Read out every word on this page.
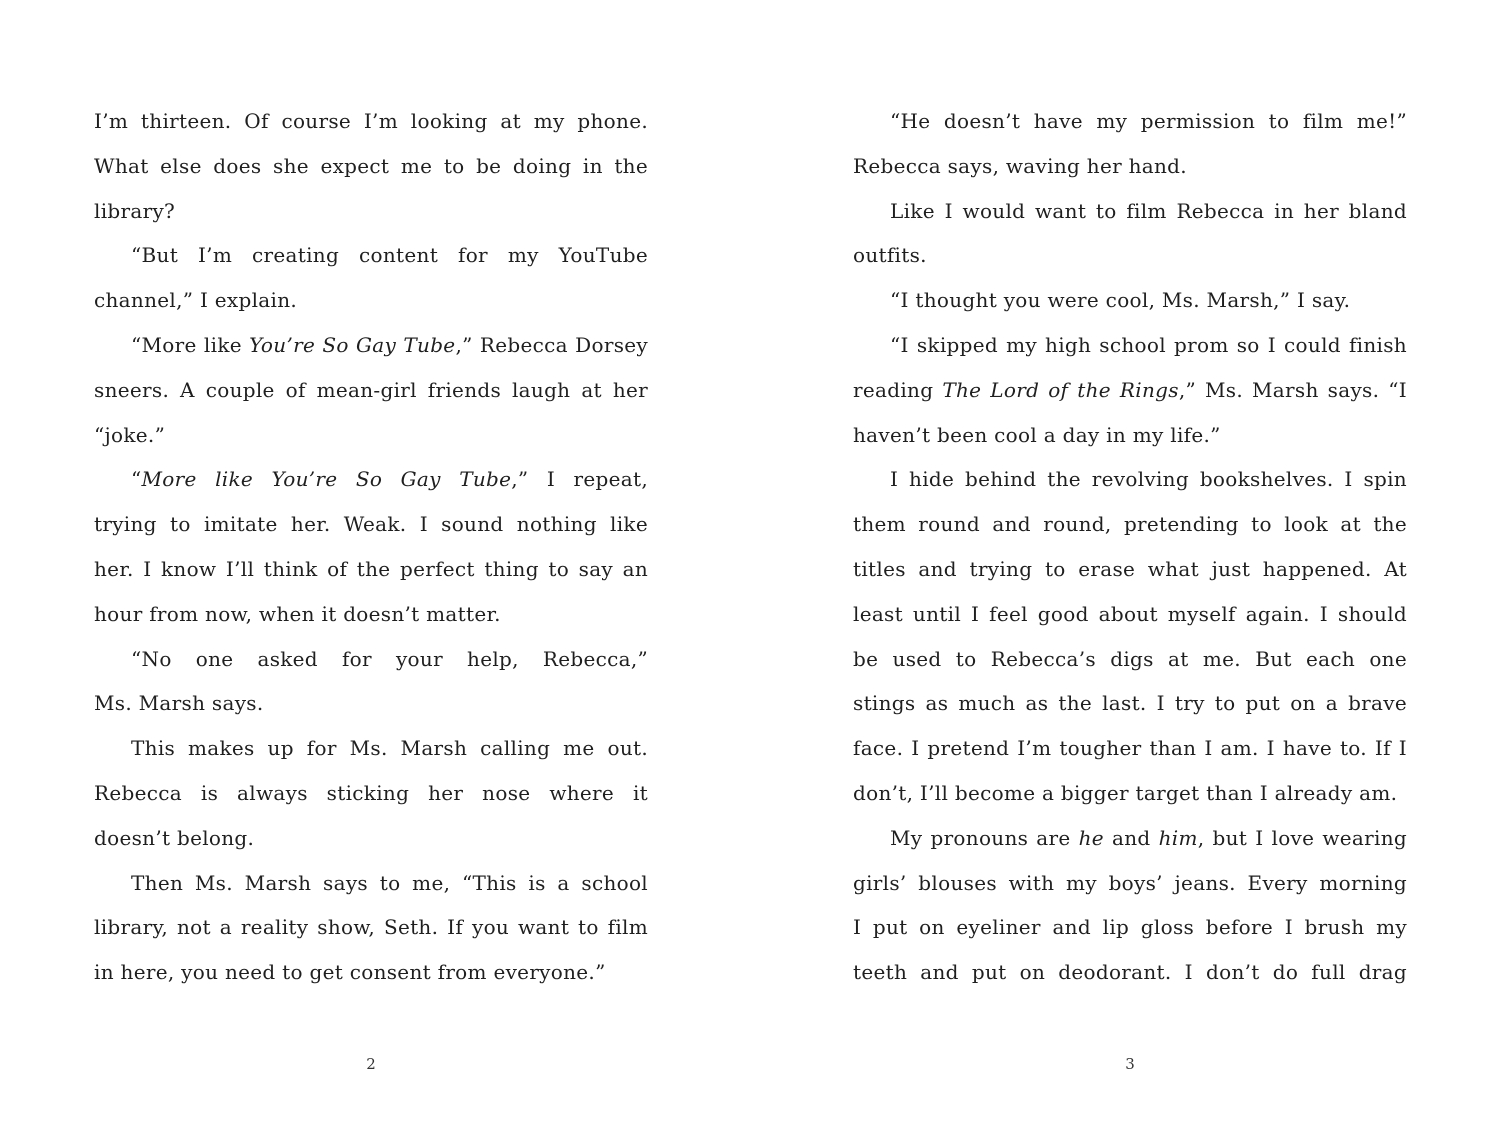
I’m thirteen. Of course I’m looking at my phone.
What else does she expect me to be doing in the
library?
“But I’m creating content for my YouTube
channel,” I explain.
“More like You’re So Gay Tube,” Rebecca Dorsey
sneers. A couple of mean-girl friends laugh at her
“joke.”
“More like You’re So Gay Tube,” I repeat,
trying to imitate her. Weak. I sound nothing like
her. I know I’ll think of the perfect thing to say an
hour from now, when it doesn’t matter.
“No one asked for your help, Rebecca,”
Ms. Marsh says.
This makes up for Ms. Marsh calling me out.
Rebecca is always sticking her nose where it
doesn’t belong.
Then Ms. Marsh says to me, “This is a school
library, not a reality show, Seth. If you want to film
in here, you need to get consent from everyone.”
“He doesn’t have my permission to film me!”
Rebecca says, waving her hand.
Like I would want to film Rebecca in her bland
outfits.
“I thought you were cool, Ms. Marsh,” I say.
“I skipped my high school prom so I could finish
reading The Lord of the Rings,” Ms. Marsh says. “I
haven’t been cool a day in my life.”
I hide behind the revolving bookshelves. I spin
them round and round, pretending to look at the
titles and trying to erase what just happened. At
least until I feel good about myself again. I should
be used to Rebecca’s digs at me. But each one
stings as much as the last. I try to put on a brave
face. I pretend I’m tougher than I am. I have to. If I
don’t, I’ll become a bigger target than I already am.
My pronouns are he and him, but I love wearing
girls’ blouses with my boys’ jeans. Every morning
I put on eyeliner and lip gloss before I brush my
teeth and put on deodorant. I don’t do full drag
2	3
